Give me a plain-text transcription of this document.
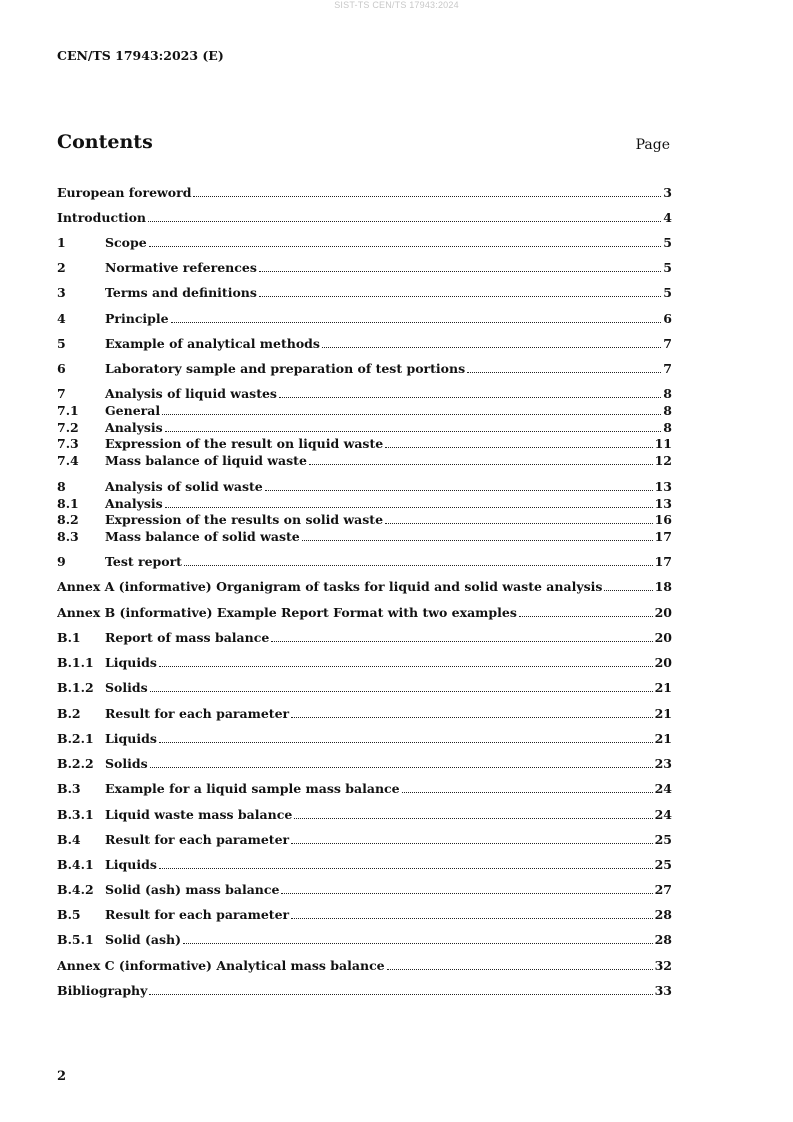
SIST-TS CEN/TS 17943:2024
CEN/TS 17943:2023 (E)
Contents	Page
European foreword	3
Introduction	4
1	Scope	5
2	Normative references	5
3	Terms and definitions	5
4	Principle	6
5	Example of analytical methods	7
6	Laboratory sample and preparation of test portions	7
7	Analysis of liquid wastes	8
7.1	General	8
7.2	Analysis	8
7.3	Expression of the result on liquid waste	11
7.4	Mass balance of liquid waste	12
8	Analysis of solid waste	13
8.1	Analysis	13
8.2	Expression of the results on solid waste	16
8.3	Mass balance of solid waste	17
9	Test report	17
Annex A (informative) Organigram of tasks for liquid and solid waste analysis	18
Annex B (informative) Example Report Format with two examples	20
B.1	Report of mass balance	20
B.1.1 Liquids	20
B.1.2 Solids	21
B.2	Result for each parameter	21
B.2.1 Liquids	21
B.2.2 Solids	23
B.3	Example for a liquid sample mass balance	24
B.3.1 Liquid waste mass balance	24
B.4	Result for each parameter	25
B.4.1 Liquids	25
B.4.2 Solid (ash) mass balance	27
B.5	Result for each parameter	28
B.5.1 Solid (ash)	28
Annex C (informative) Analytical mass balance	32
Bibliography	33
2
